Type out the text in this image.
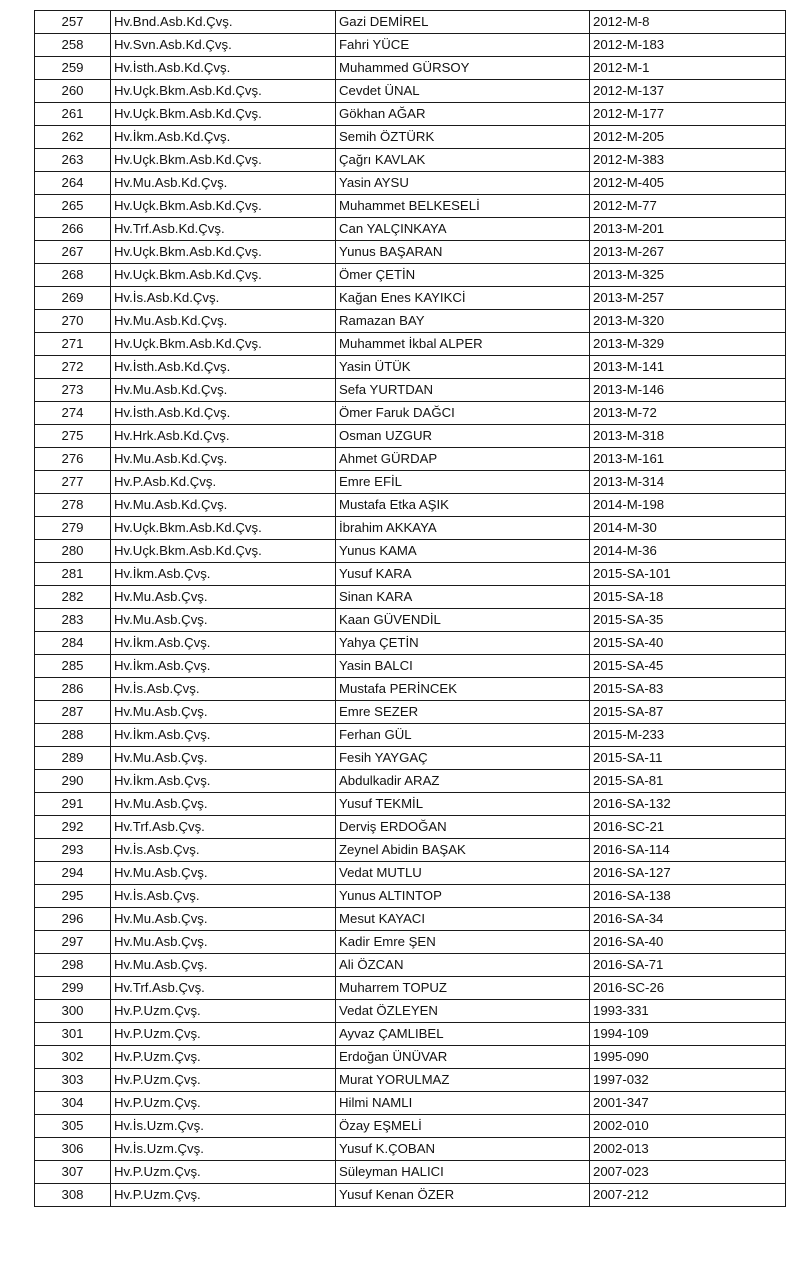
257	Hv.Bnd.Asb.Kd.Çvş.	Gazi DEMİREL	2012-M-8
258	Hv.Svn.Asb.Kd.Çvş.	Fahri YÜCE	2012-M-183
259	Hv.İsth.Asb.Kd.Çvş.	Muhammed GÜRSOY	2012-M-1
260	Hv.Uçk.Bkm.Asb.Kd.Çvş.	Cevdet ÜNAL	2012-M-137
261	Hv.Uçk.Bkm.Asb.Kd.Çvş.	Gökhan AĞAR	2012-M-177
262	Hv.İkm.Asb.Kd.Çvş.	Semih ÖZTÜRK	2012-M-205
263	Hv.Uçk.Bkm.Asb.Kd.Çvş.	Çağrı KAVLAK	2012-M-383
264	Hv.Mu.Asb.Kd.Çvş.	Yasin AYSU	2012-M-405
265	Hv.Uçk.Bkm.Asb.Kd.Çvş.	Muhammet BELKESELİ	2012-M-77
266	Hv.Trf.Asb.Kd.Çvş.	Can YALÇINKAYA	2013-M-201
267	Hv.Uçk.Bkm.Asb.Kd.Çvş.	Yunus BAŞARAN	2013-M-267
268	Hv.Uçk.Bkm.Asb.Kd.Çvş.	Ömer ÇETİN	2013-M-325
269	Hv.İs.Asb.Kd.Çvş.	Kağan Enes KAYIKCİ	2013-M-257
270	Hv.Mu.Asb.Kd.Çvş.	Ramazan BAY	2013-M-320
271	Hv.Uçk.Bkm.Asb.Kd.Çvş.	Muhammet İkbal ALPER	2013-M-329
272	Hv.İsth.Asb.Kd.Çvş.	Yasin ÜTÜK	2013-M-141
273	Hv.Mu.Asb.Kd.Çvş.	Sefa YURTDAN	2013-M-146
274	Hv.İsth.Asb.Kd.Çvş.	Ömer Faruk DAĞCI	2013-M-72
275	Hv.Hrk.Asb.Kd.Çvş.	Osman UZGUR	2013-M-318
276	Hv.Mu.Asb.Kd.Çvş.	Ahmet GÜRDAP	2013-M-161
277	Hv.P.Asb.Kd.Çvş.	Emre EFİL	2013-M-314
278	Hv.Mu.Asb.Kd.Çvş.	Mustafa Etka AŞIK	2014-M-198
279	Hv.Uçk.Bkm.Asb.Kd.Çvş.	İbrahim AKKAYA	2014-M-30
280	Hv.Uçk.Bkm.Asb.Kd.Çvş.	Yunus KAMA	2014-M-36
281	Hv.İkm.Asb.Çvş.	Yusuf KARA	2015-SA-101
282	Hv.Mu.Asb.Çvş.	Sinan KARA	2015-SA-18
283	Hv.Mu.Asb.Çvş.	Kaan GÜVENDİL	2015-SA-35
284	Hv.İkm.Asb.Çvş.	Yahya ÇETİN	2015-SA-40
285	Hv.İkm.Asb.Çvş.	Yasin BALCI	2015-SA-45
286	Hv.İs.Asb.Çvş.	Mustafa PERİNCEK	2015-SA-83
287	Hv.Mu.Asb.Çvş.	Emre SEZER	2015-SA-87
288	Hv.İkm.Asb.Çvş.	Ferhan GÜL	2015-M-233
289	Hv.Mu.Asb.Çvş.	Fesih YAYGAÇ	2015-SA-11
290	Hv.İkm.Asb.Çvş.	Abdulkadir ARAZ	2015-SA-81
291	Hv.Mu.Asb.Çvş.	Yusuf TEKMİL	2016-SA-132
292	Hv.Trf.Asb.Çvş.	Derviş ERDOĞAN	2016-SC-21
293	Hv.İs.Asb.Çvş.	Zeynel Abidin BAŞAK	2016-SA-114
294	Hv.Mu.Asb.Çvş.	Vedat MUTLU	2016-SA-127
295	Hv.İs.Asb.Çvş.	Yunus ALTINTOP	2016-SA-138
296	Hv.Mu.Asb.Çvş.	Mesut KAYACI	2016-SA-34
297	Hv.Mu.Asb.Çvş.	Kadir Emre ŞEN	2016-SA-40
298	Hv.Mu.Asb.Çvş.	Ali ÖZCAN	2016-SA-71
299	Hv.Trf.Asb.Çvş.	Muharrem TOPUZ	2016-SC-26
300	Hv.P.Uzm.Çvş.	Vedat ÖZLEYEN	1993-331
301	Hv.P.Uzm.Çvş.	Ayvaz ÇAMLIBEL	1994-109
302	Hv.P.Uzm.Çvş.	Erdoğan ÜNÜVAR	1995-090
303	Hv.P.Uzm.Çvş.	Murat YORULMAZ	1997-032
304	Hv.P.Uzm.Çvş.	Hilmi NAMLI	2001-347
305	Hv.İs.Uzm.Çvş.	Özay EŞMELİ	2002-010
306	Hv.İs.Uzm.Çvş.	Yusuf K.ÇOBAN	2002-013
307	Hv.P.Uzm.Çvş.	Süleyman HALICI	2007-023
308	Hv.P.Uzm.Çvş.	Yusuf Kenan ÖZER	2007-212
